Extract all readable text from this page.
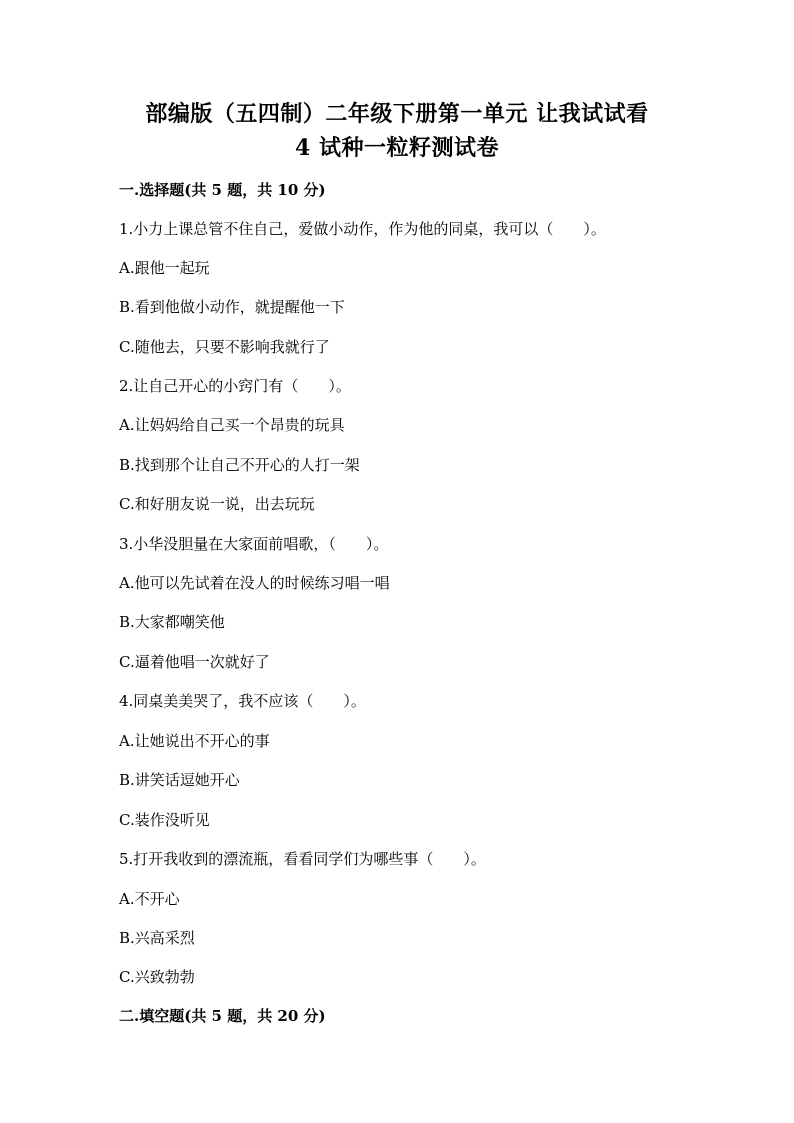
部编版（五四制）二年级下册第一单元 让我试试看
4 试种一粒籽测试卷
一.选择题(共 5 题，共 10 分)
1.小力上课总管不住自己，爱做小动作，作为他的同桌，我可以（　　）。
A.跟他一起玩
B.看到他做小动作，就提醒他一下
C.随他去，只要不影响我就行了
2.让自己开心的小窍门有（　　）。
A.让妈妈给自己买一个昂贵的玩具
B.找到那个让自己不开心的人打一架
C.和好朋友说一说，出去玩玩
3.小华没胆量在大家面前唱歌，（　　）。
A.他可以先试着在没人的时候练习唱一唱
B.大家都嘲笑他
C.逼着他唱一次就好了
4.同桌美美哭了，我不应该（　　）。
A.让她说出不开心的事
B.讲笑话逗她开心
C.装作没听见
5.打开我收到的漂流瓶，看看同学们为哪些事（　　）。
A.不开心
B.兴高采烈
C.兴致勃勃
二.填空题(共 5 题，共 20 分)
